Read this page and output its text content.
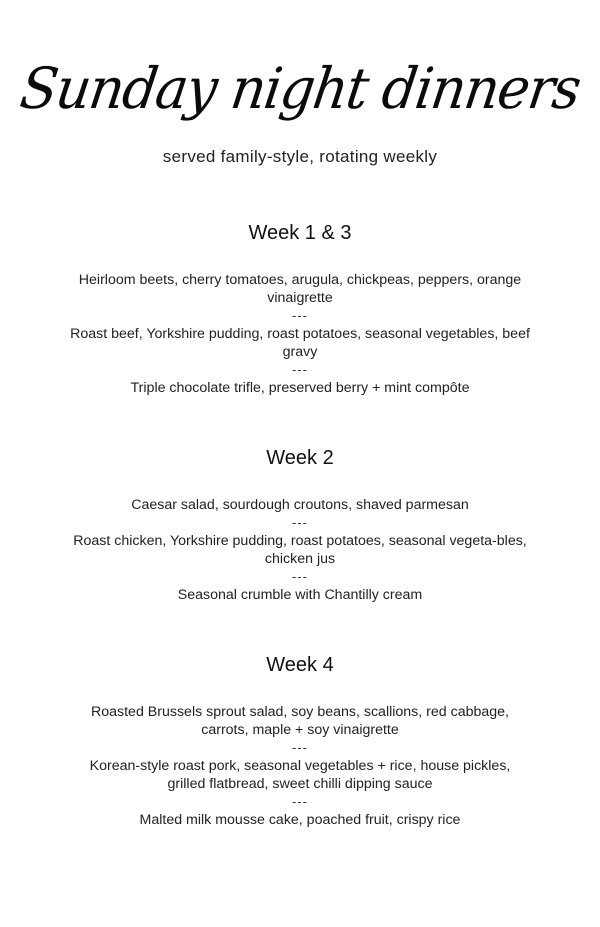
Sunday night dinners
served family-style, rotating weekly
Week 1 & 3

Heirloom beets, cherry tomatoes, arugula, chickpeas, peppers, orange vinaigrette

---

Roast beef, Yorkshire pudding, roast potatoes, seasonal vegetables, beef gravy

---

Triple chocolate trifle, preserved berry + mint compôte

Week 2

Caesar salad, sourdough croutons, shaved parmesan

---

Roast chicken, Yorkshire pudding, roast potatoes, seasonal vegeta-bles, chicken jus

---

Seasonal crumble with Chantilly cream

Week 4

Roasted Brussels sprout salad, soy beans, scallions, red cabbage, carrots, maple + soy vinaigrette

---

Korean-style roast pork, seasonal vegetables + rice, house pickles, grilled flatbread, sweet chilli dipping sauce

---

Malted milk mousse cake, poached fruit, crispy rice
